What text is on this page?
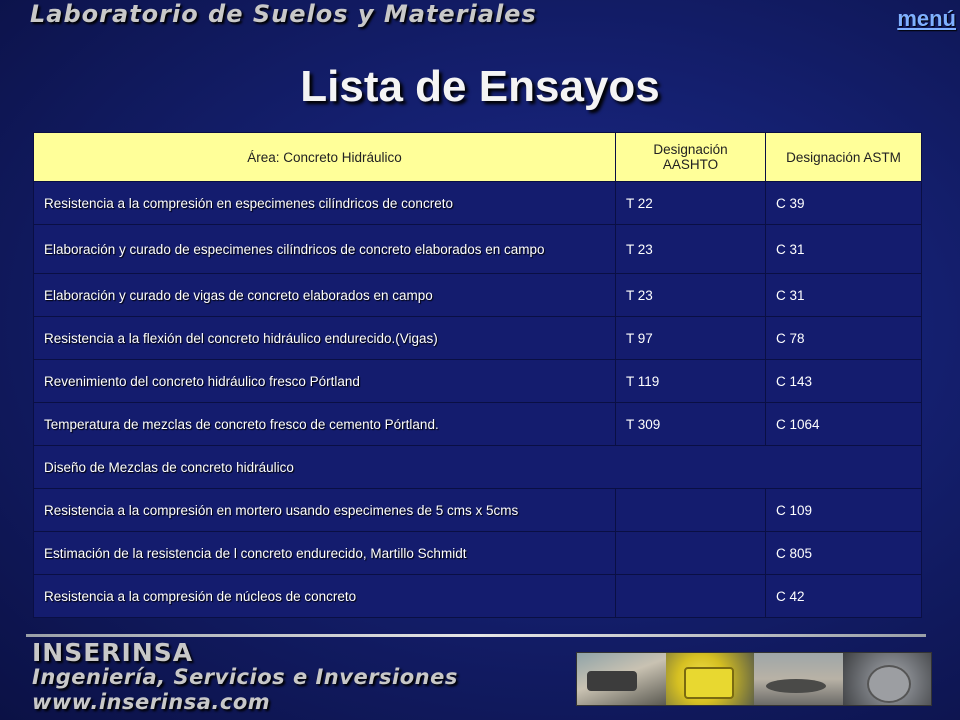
Laboratorio de Suelos y Materiales	menú
Lista de Ensayos
Área: Concreto Hidráulico	Designación AASHTO	Designación ASTM
Resistencia a la compresión en especimenes cilíndricos de concreto	T 22	C 39
Elaboración y curado de especimenes cilíndricos de concreto elaborados en campo	T 23	C 31
Elaboración y curado de vigas de concreto elaborados en campo	T 23	C 31
Resistencia a la flexión del concreto hidráulico endurecido.(Vigas)	T 97	C 78
Revenimiento del concreto hidráulico fresco Pórtland	T 119	C 143
Temperatura de mezclas de concreto fresco de cemento Pórtland.	T 309	C 1064
Diseño de Mezclas de concreto hidráulico		
Resistencia a la compresión en mortero usando especimenes de 5 cms x 5cms		C 109
Estimación de la resistencia de l concreto endurecido, Martillo Schmidt		C 805
Resistencia a la compresión de núcleos de concreto		C 42
INSERINSA
Ingeniería, Servicios e Inversiones
www.inserinsa.com
